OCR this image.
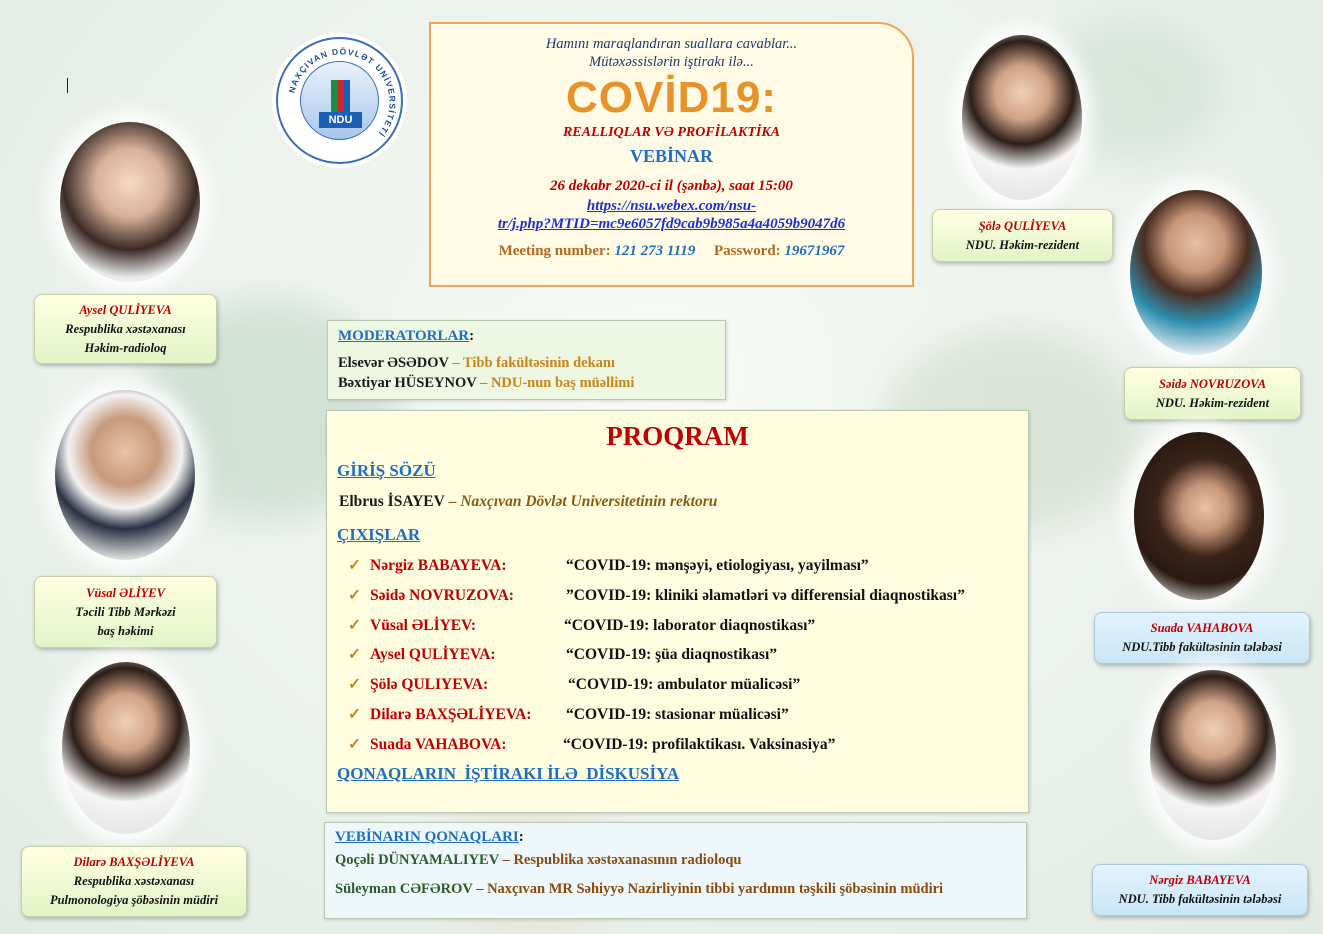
NAXÇIVAN DÖVLƏT UNİVERSİTETİ
NDU
Hamını maraqlandıran suallara cavablar...
Mütəxəssislərin iştirakı ilə...
COVİD19:
REALLIQLAR VƏ PROFİLAKTİKA
VEBİNAR
26 dekabr 2020-ci il (şənbə), saat 15:00
https://nsu.webex.com/nsu-
tr/j.php?MTID=mc9e6057fd9cab9b985a4a4059b9047d6
Meeting number: 121 273 1119 Password: 19671967
MODERATORLAR:
Elsevər ƏSƏDOV – Tibb fakültəsinin dekanı
Bəxtiyar HÜSEYNOV – NDU-nun baş müəllimi
PROQRAM
GİRİŞ SÖZÜ
Elbrus İSAYEV – Naxçıvan Dövlət Universitetinin rektoru
ÇIXIŞLAR
✓ Nərgiz BABAYEVA:	“COVID-19: mənşəyi, etiologiyası, yayilması”
✓ Səidə NOVRUZOVA:	”COVID-19: kliniki əlamətləri və differensial diaqnostikası”
✓ Vüsal ƏLİYEV:	“COVID-19: laborator diaqnostikası”
✓ Aysel QULİYEVA:	“COVID-19: şüa diaqnostikası”
✓ Şölə QULIYEVA:	“COVID-19: ambulator müalicəsi”
✓ Dilarə BAXŞƏLİYEVA: “COVID-19: stasionar müalicəsi”
✓ Suada VAHABOVA:	“COVID-19: profilaktikası. Vaksinasiya”
QONAQLARIN  İŞTİRAKI İLƏ  DİSKUSİYA
VEBİNARIN QONAQLARI:
Qoçəli DÜNYAMALIYEV – Respublika xəstəxanasının radioloqu
Süleyman CƏFƏROV – Naxçıvan MR Səhiyyə Nazirliyinin tibbi yardımın təşkili şöbəsinin müdiri
Aysel QULİYEVA
Respublika xəstəxanası
Həkim-radioloq
Vüsal ƏLİYEV
Təcili Tibb Mərkəzi
baş həkimi
Dilarə BAXŞƏLİYEVA
Respublika xəstəxanası
Pulmonologiya şöbəsinin müdiri
Şölə QULİYEVA
NDU. Həkim-rezident
Səidə NOVRUZOVA
NDU. Həkim-rezident
Suada VAHABOVA
NDU.Tibb fakültəsinin tələbəsi
Nərgiz BABAYEVA
NDU. Tibb fakültəsinin tələbəsi
